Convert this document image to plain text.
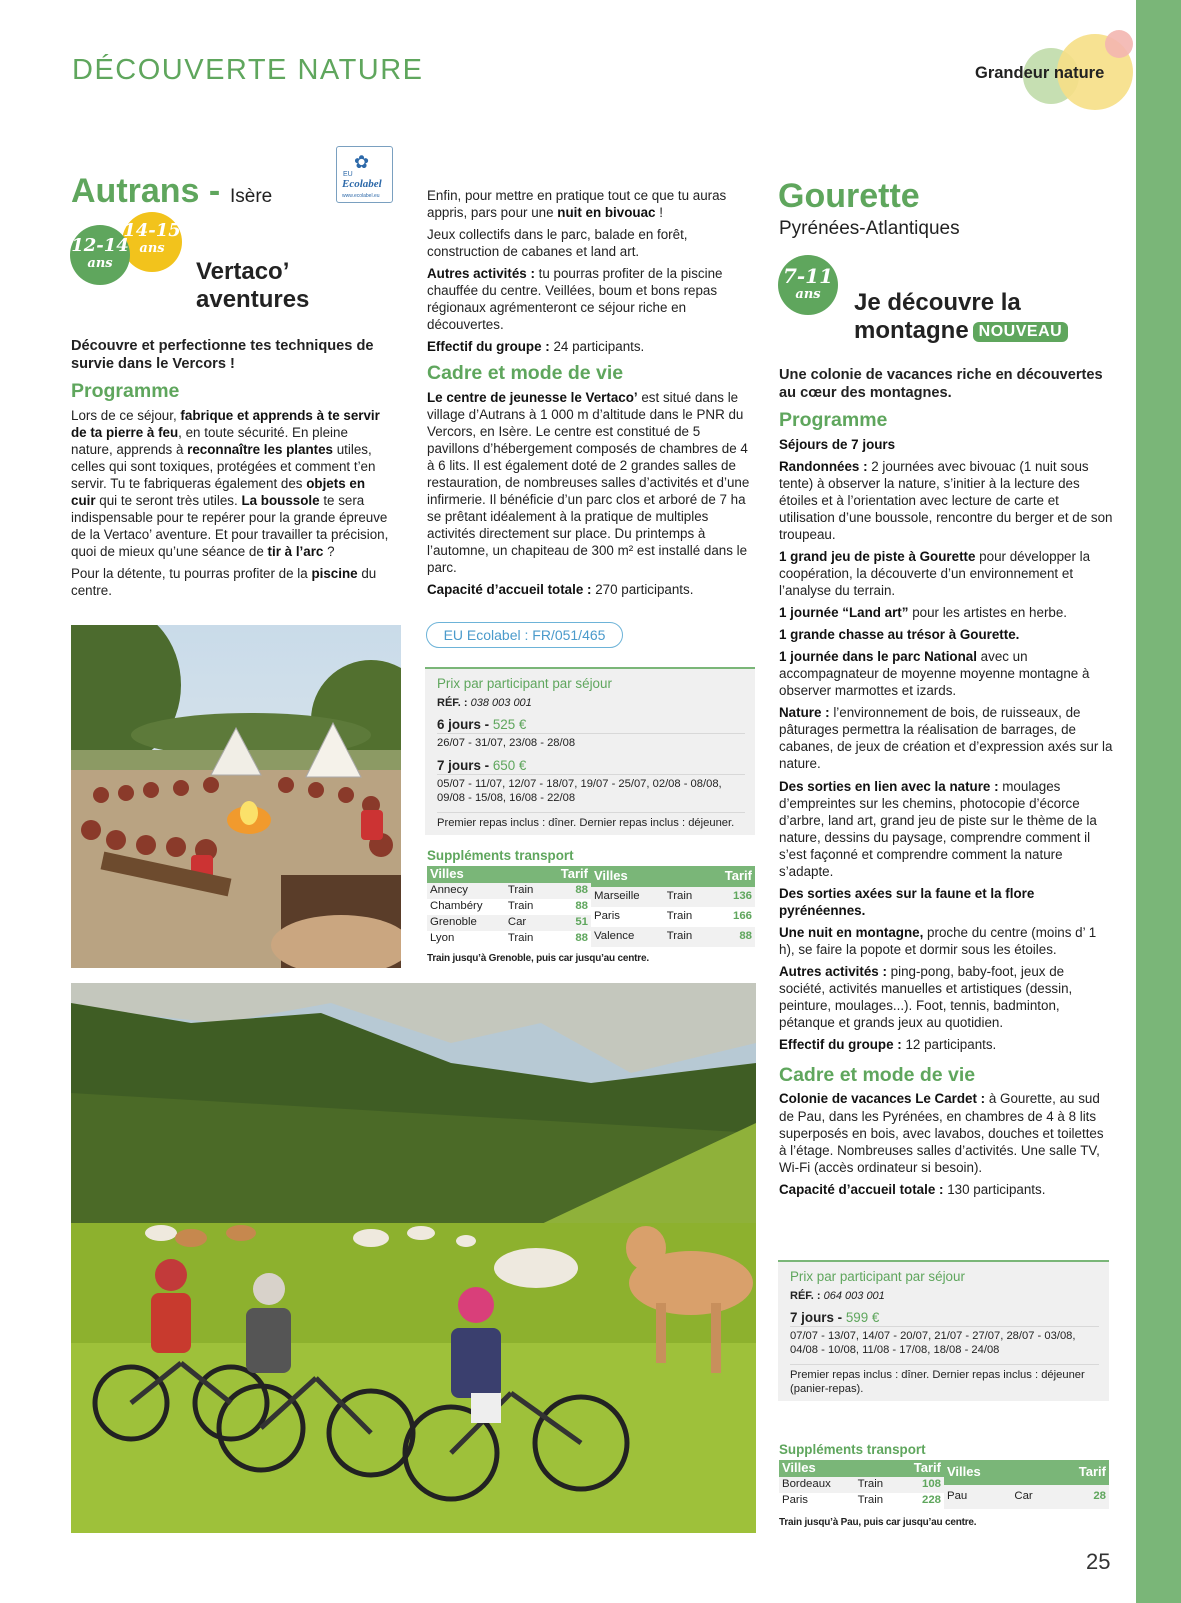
DÉCOUVERTE NATURE	Grandeur nature
Autrans - Isère
14-15
ans
12-14
ans	Vertaco’
aventures
✿
EU
Ecolabel
www.ecolabel.eu

Découvre et perfectionne tes techniques de survie dans le Vercors !

Programme

Lors de ce séjour, fabrique et apprends à te servir de ta pierre à feu, en toute sécurité. En pleine nature, apprends à reconnaître les plantes utiles, celles qui sont toxiques, protégées et comment t’en servir. Tu te fabriqueras également des objets en cuir qui te seront très utiles. La boussole te sera indispensable pour te repérer pour la grande épreuve de la Vertaco’ aventure. Et pour travailler ta précision, quoi de mieux qu’une séance de tir à l’arc ?

Pour la détente, tu pourras profiter de la piscine du centre.

Enfin, pour mettre en pratique tout ce que tu auras appris, pars pour une nuit en bivouac !

Jeux collectifs dans le parc, balade en forêt, construction de cabanes et land art.

Autres activités : tu pourras profiter de la piscine chauffée du centre. Veillées, boum et bons repas régionaux agrémenteront ce séjour riche en découvertes.

Effectif du groupe : 24 participants.

Cadre et mode de vie

Le centre de jeunesse le Vertaco’ est situé dans le village d’Autrans à 1 000 m d’altitude dans le PNR du Vercors, en Isère. Le centre est constitué de 5 pavillons d’hébergement composés de chambres de 4 à 6 lits. Il est également doté de 2 grandes salles de restauration, de nombreuses salles d’activités et d’une infirmerie. Il bénéficie d’un parc clos et arboré de 7 ha se prêtant idéalement à la pratique de multiples activités directement sur place. Du printemps à l’automne, un chapiteau de 300 m² est installé dans le parc.

Capacité d’accueil totale : 270 participants.

EU Ecolabel : FR/051/465
Prix par participant par séjour
RÉF. : 038 003 001
6 jours - 525 €
26/07 - 31/07, 23/08 - 28/08
7 jours - 650 €
05/07 - 11/07, 12/07 - 18/07, 19/07 - 25/07, 02/08 - 08/08, 09/08 - 15/08, 16/08 - 22/08
Premier repas inclus : dîner. Dernier repas inclus : déjeuner.
Suppléments transport
Villes		Tarif
Annecy	Train	88
Chambéry	Train	88
Grenoble	Car	51
Lyon	Train	88
Villes		Tarif
Marseille	Train	136
Paris	Train	166
Valence	Train	88
Train jusqu’à Grenoble, puis car jusqu’au centre.
Gourette
Pyrénées-Atlantiques
7-11
ans	Je découvre la
montagne NOUVEAU

Une colonie de vacances riche en découvertes au cœur des montagnes.

Programme

Séjours de 7 jours

Randonnées : 2 journées avec bivouac (1 nuit sous tente) à observer la nature, s’initier à la lecture des étoiles et à l’orientation avec lecture de carte et utilisation d’une boussole, rencontre du berger et de son troupeau.

1 grand jeu de piste à Gourette pour développer la coopération, la découverte d’un environnement et l’analyse du terrain.

1 journée “Land art” pour les artistes en herbe.

1 grande chasse au trésor à Gourette.

1 journée dans le parc National avec un accompagnateur de moyenne moyenne montagne à observer marmottes et izards.

Nature : l’environnement de bois, de ruisseaux, de pâturages permettra la réalisation de barrages, de cabanes, de jeux de création et d’expression axés sur la nature.

Des sorties en lien avec la nature : moulages d’empreintes sur les chemins, photocopie d’écorce d’arbre, land art, grand jeu de piste sur le thème de la nature, dessins du paysage, comprendre comment il s’est façonné et comprendre comment la nature s’adapte.

Des sorties axées sur la faune et la flore pyrénéennes.

Une nuit en montagne, proche du centre (moins d’ 1 h), se faire la popote et dormir sous les étoiles.

Autres activités : ping-pong, baby-foot, jeux de société, activités manuelles et artistiques (dessin, peinture, moulages...). Foot, tennis, badminton, pétanque et grands jeux au quotidien.

Effectif du groupe : 12 participants.

Cadre et mode de vie

Colonie de vacances Le Cardet : à Gourette, au sud de Pau, dans les Pyrénées, en chambres de 4 à 8 lits superposés en bois, avec lavabos, douches et toilettes à l’étage. Nombreuses salles d’activités. Une salle TV, Wi-Fi (accès ordinateur si besoin).

Capacité d’accueil totale : 130 participants.

Prix par participant par séjour
RÉF. : 064 003 001
7 jours - 599 €
07/07 - 13/07, 14/07 - 20/07, 21/07 - 27/07, 28/07 - 03/08, 04/08 - 10/08, 11/08 - 17/08, 18/08 - 24/08
Premier repas inclus : dîner. Dernier repas inclus : déjeuner (panier-repas).
Suppléments transport
Villes		Tarif
Bordeaux	Train	108
Paris	Train	228
Villes		Tarif
Pau	Car	28
Train jusqu’à Pau, puis car jusqu’au centre.
25
